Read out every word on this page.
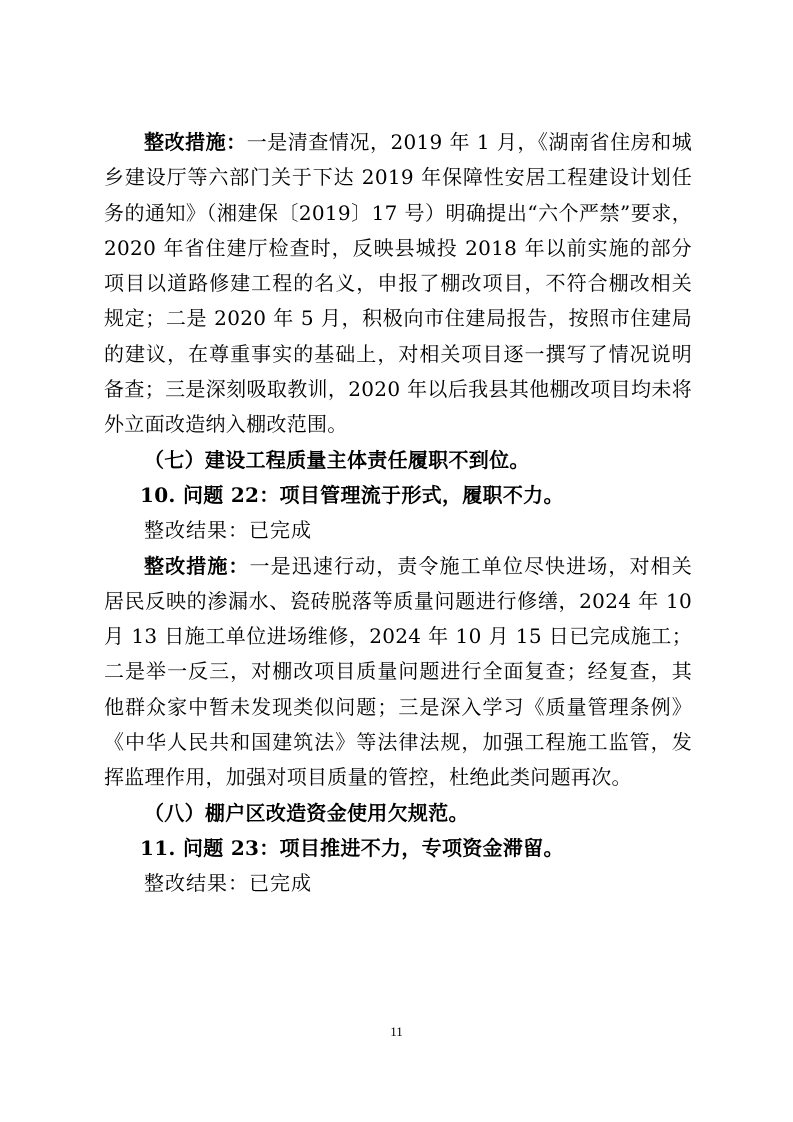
整改措施：一是清查情况，2019 年 1 月，《湖南省住房和城乡建设厅等六部门关于下达 2019 年保障性安居工程建设计划任务的通知》（湘建保〔2019〕17 号）明确提出“六个严禁”要求，2020 年省住建厅检查时，反映县城投 2018 年以前实施的部分项目以道路修建工程的名义，申报了棚改项目，不符合棚改相关规定；二是 2020 年 5 月，积极向市住建局报告，按照市住建局的建议，在尊重事实的基础上，对相关项目逐一撰写了情况说明备查；三是深刻吸取教训，2020 年以后我县其他棚改项目均未将外立面改造纳入棚改范围。

（七）建设工程质量主体责任履职不到位。

10. 问题 22：项目管理流于形式，履职不力。

整改结果：已完成

整改措施：一是迅速行动，责令施工单位尽快进场，对相关居民反映的渗漏水、瓷砖脱落等质量问题进行修缮，2024 年 10 月 13 日施工单位进场维修，2024 年 10 月 15 日已完成施工；二是举一反三，对棚改项目质量问题进行全面复查；经复查，其他群众家中暂未发现类似问题；三是深入学习《质量管理条例》《中华人民共和国建筑法》等法律法规，加强工程施工监管，发挥监理作用，加强对项目质量的管控，杜绝此类问题再次。

（八）棚户区改造资金使用欠规范。

11. 问题 23：项目推进不力，专项资金滞留。

整改结果：已完成

11
